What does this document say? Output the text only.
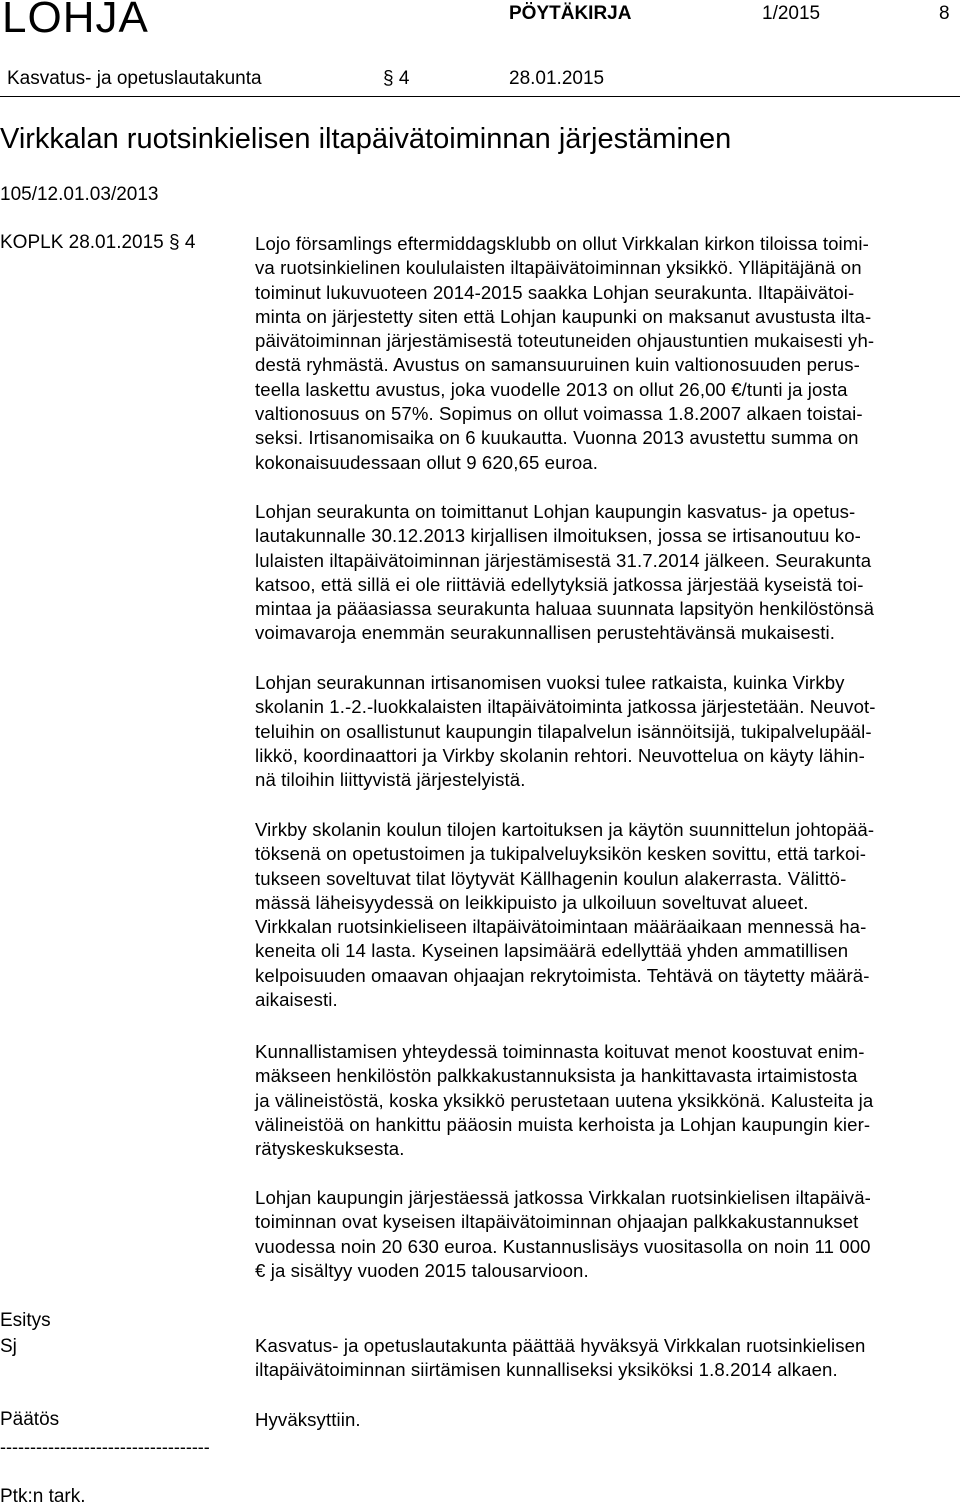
LOHJA	PÖYTÄKIRJA	1/2015	8
Kasvatus- ja opetuslautakunta	§ 4	28.01.2015
Virkkalan ruotsinkielisen iltapäivätoiminnan järjestäminen
105/12.01.03/2013
KOPLK 28.01.2015 § 4	Lojo församlings eftermiddagsklubb on ollut Virkkalan kirkon tiloissa toimi-
va ruotsinkielinen koululaisten iltapäivätoiminnan yksikkö. Ylläpitäjänä on
toiminut lukuvuoteen 2014-2015 saakka Lohjan seurakunta. Iltapäivätoi-
minta on järjestetty siten että Lohjan kaupunki on maksanut avustusta ilta-
päivätoiminnan järjestämisestä toteutuneiden ohjaustuntien mukaisesti yh-
destä ryhmästä. Avustus on samansuuruinen kuin valtionosuuden perus-
teella laskettu avustus, joka vuodelle 2013 on ollut 26,00 €/tunti ja josta
valtionosuus on 57%. Sopimus on ollut voimassa 1.8.2007 alkaen toistai-
seksi. Irtisanomisaika on 6 kuukautta. Vuonna 2013 avustettu summa on
kokonaisuudessaan ollut 9 620,65 euroa.
Lohjan seurakunta on toimittanut Lohjan kaupungin kasvatus- ja opetus-
lautakunnalle 30.12.2013 kirjallisen ilmoituksen, jossa se irtisanoutuu ko-
lulaisten iltapäivätoiminnan järjestämisestä 31.7.2014 jälkeen. Seurakunta
katsoo, että sillä ei ole riittäviä edellytyksiä jatkossa järjestää kyseistä toi-
mintaa ja pääasiassa seurakunta haluaa suunnata lapsityön henkilöstönsä
voimavaroja enemmän seurakunnallisen perustehtävänsä mukaisesti.
Lohjan seurakunnan irtisanomisen vuoksi tulee ratkaista, kuinka Virkby
skolanin 1.-2.-luokkalaisten iltapäivätoiminta jatkossa järjestetään. Neuvot-
teluihin on osallistunut kaupungin tilapalvelun isännöitsijä, tukipalvelupääl-
likkö, koordinaattori ja Virkby skolanin rehtori. Neuvottelua on käyty lähin-
nä tiloihin liittyvistä järjestelyistä.
Virkby skolanin koulun tilojen kartoituksen ja käytön suunnittelun johtopää-
töksenä on opetustoimen ja tukipalveluyksikön kesken sovittu, että tarkoi-
tukseen soveltuvat tilat löytyvät Källhagenin koulun alakerrasta. Välittö-
mässä läheisyydessä on leikkipuisto ja ulkoiluun soveltuvat alueet.
Virkkalan ruotsinkieliseen iltapäivätoimintaan määräaikaan mennessä ha-
keneita oli 14 lasta. Kyseinen lapsimäärä edellyttää yhden ammatillisen
kelpoisuuden omaavan ohjaajan rekrytoimista. Tehtävä on täytetty määrä-
aikaisesti.
Kunnallistamisen yhteydessä toiminnasta koituvat menot koostuvat enim-
mäkseen henkilöstön palkkakustannuksista ja hankittavasta irtaimistosta
ja välineistöstä, koska yksikkö perustetaan uutena yksikkönä. Kalusteita ja
välineistöä on hankittu pääosin muista kerhoista ja Lohjan kaupungin kier-
rätyskeskuksesta.
Lohjan kaupungin järjestäessä jatkossa Virkkalan ruotsinkielisen iltapäivä-
toiminnan ovat kyseisen iltapäivätoiminnan ohjaajan palkkakustannukset
vuodessa noin 20 630 euroa. Kustannuslisäys vuositasolla on noin 11 000
€ ja sisältyy vuoden 2015 talousarvioon.
Esitys
Sj	Kasvatus- ja opetuslautakunta päättää hyväksyä Virkkalan ruotsinkielisen
iltapäivätoiminnan siirtämisen kunnalliseksi yksiköksi 1.8.2014 alkaen.
Päätös	Hyväksyttiin.
-----------------------------------
Ptk:n tark.
